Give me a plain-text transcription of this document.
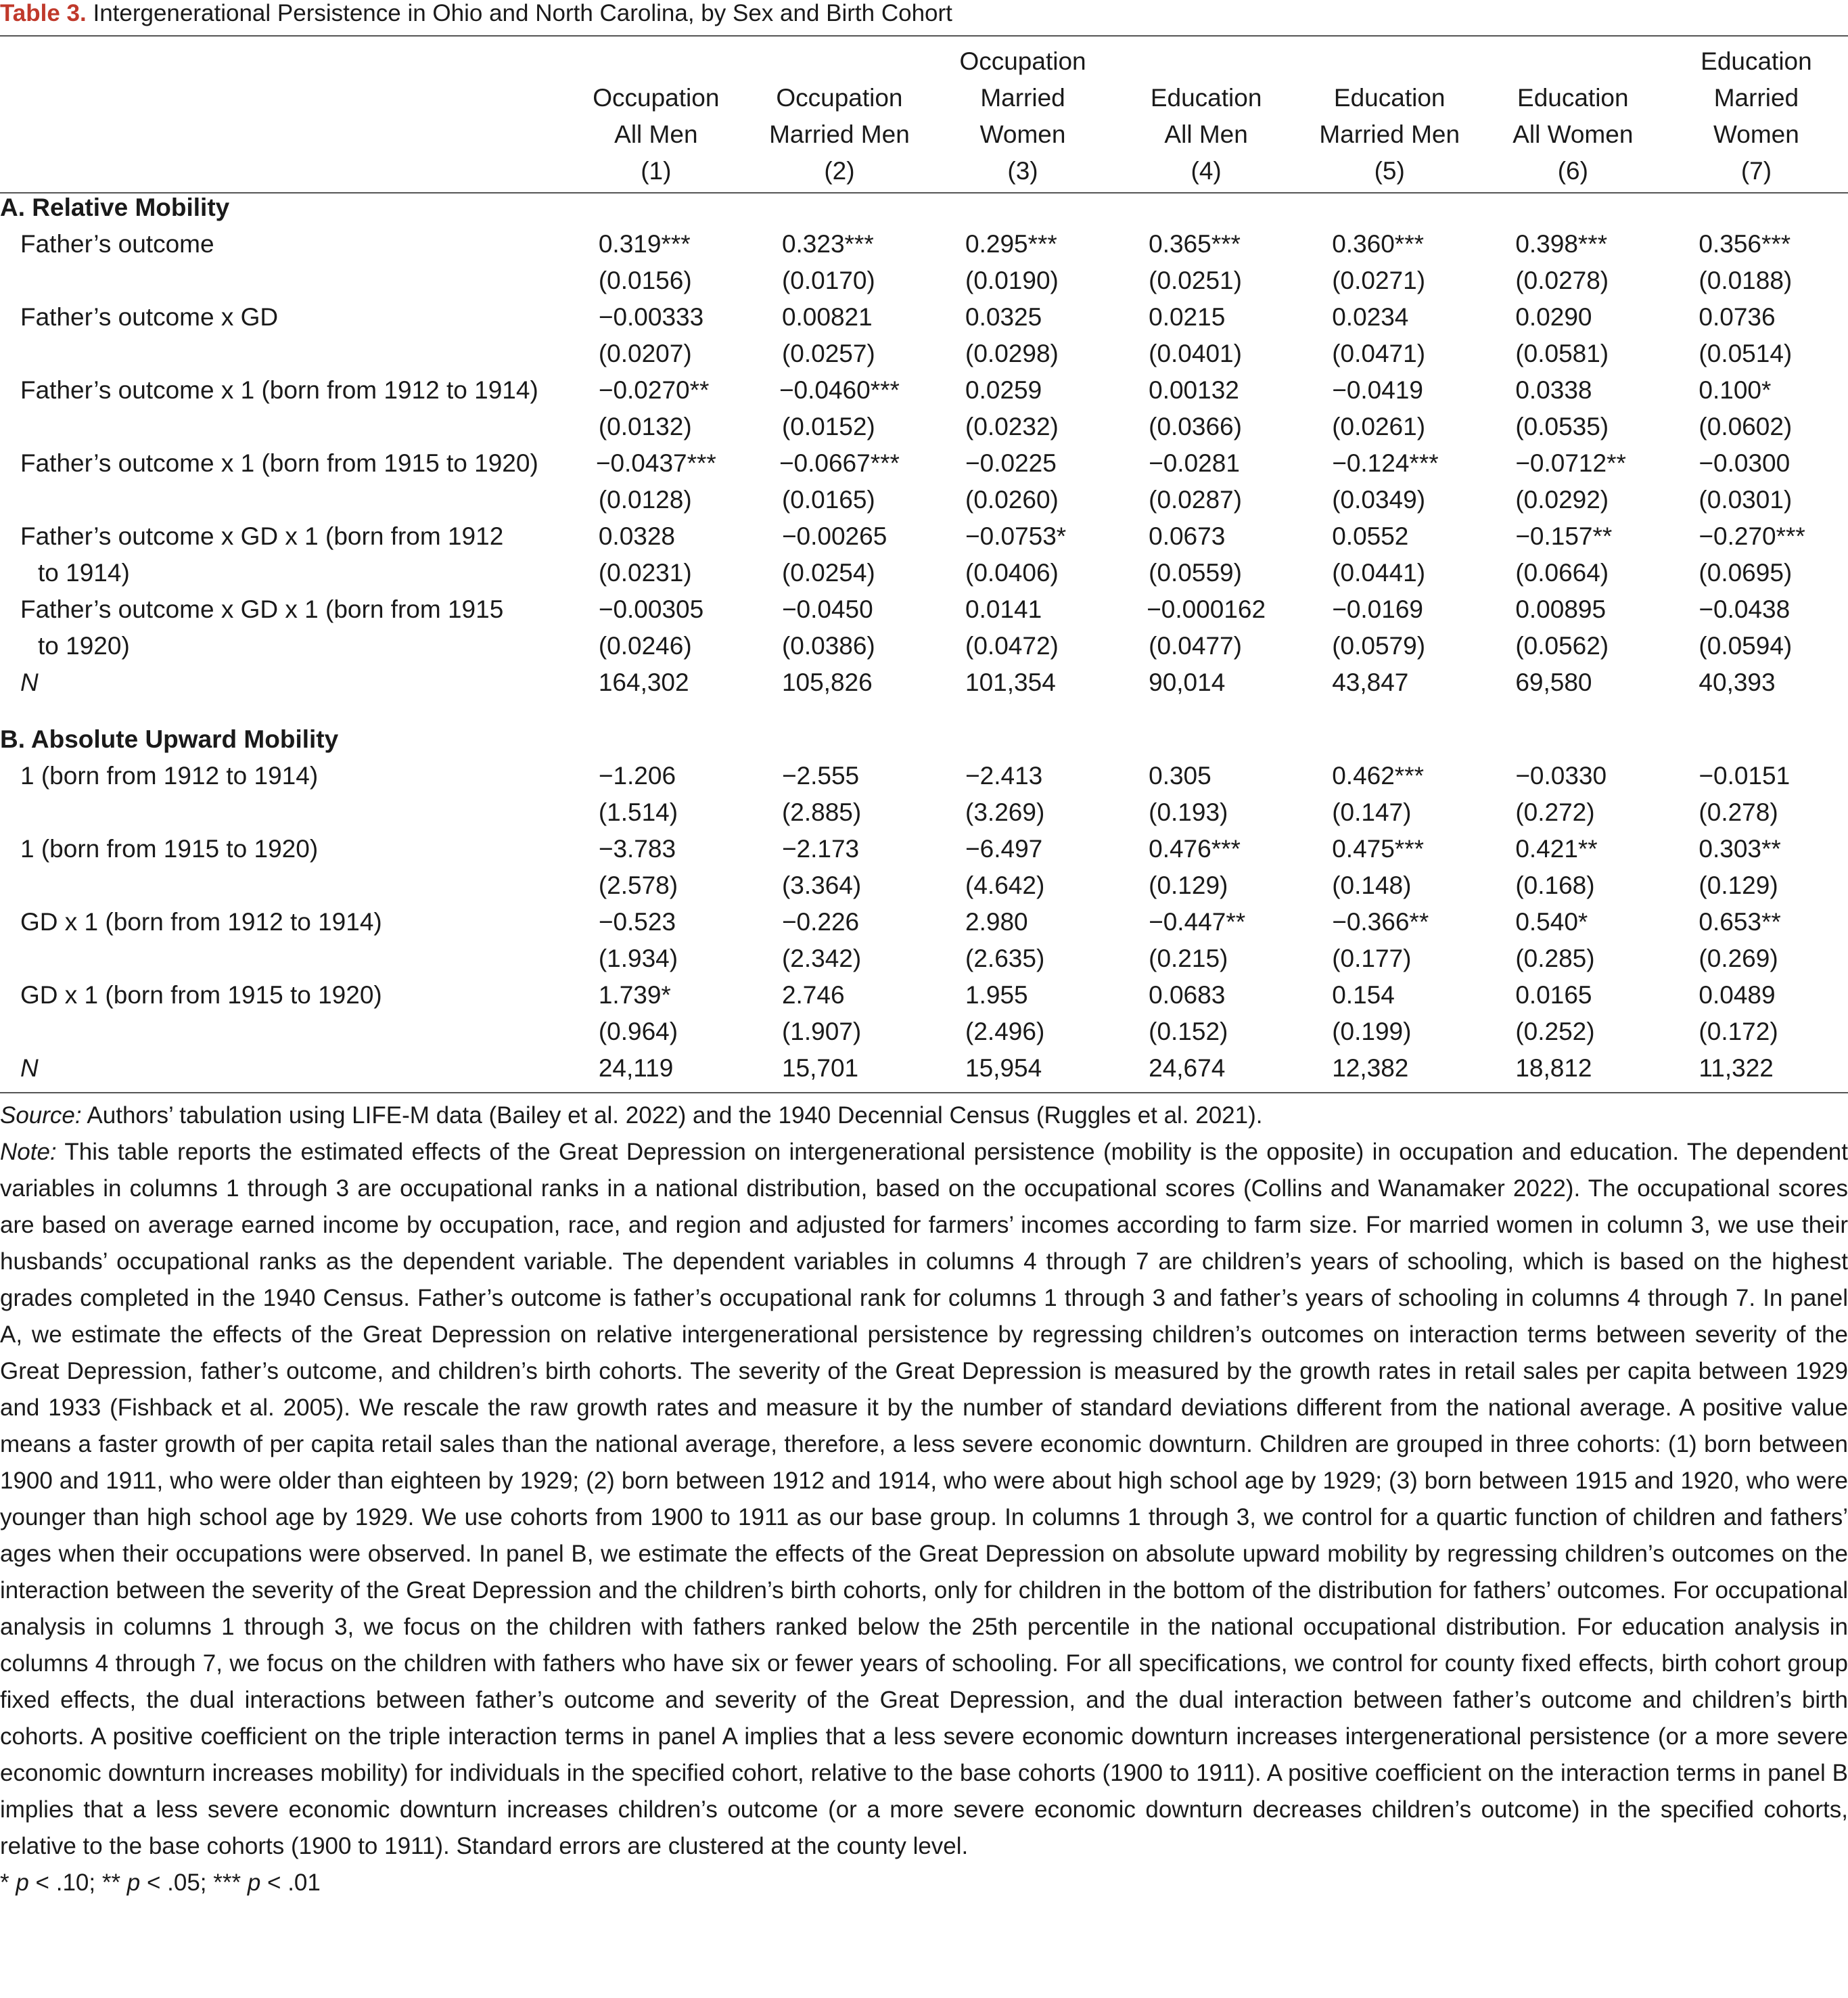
Table 3. Intergenerational Persistence in Ohio and North Carolina, by Sex and Birth Cohort
			Occupation				Education
	Occupation	Occupation	Married	Education	Education	Education	Married
	All Men	Married Men	Women	All Men	Married Men	All Women	Women
	(1)	(2)	(3)	(4)	(5)	(6)	(7)

A. Relative Mobility							
Father’s outcome	0.319***	0.323***	0.295***	0.365***	0.360***	0.398***	0.356***
	(0.0156)	(0.0170)	(0.0190)	(0.0251)	(0.0271)	(0.0278)	(0.0188)
Father’s outcome x GD	−0.00333	0.00821	0.0325	0.0215	0.0234	0.0290	0.0736
	(0.0207)	(0.0257)	(0.0298)	(0.0401)	(0.0471)	(0.0581)	(0.0514)
Father’s outcome x 1 (born from 1912 to 1914)	−0.0270**	−0.0460***	0.0259	0.00132	−0.0419	0.0338	0.100*
	(0.0132)	(0.0152)	(0.0232)	(0.0366)	(0.0261)	(0.0535)	(0.0602)
Father’s outcome x 1 (born from 1915 to 1920)	−0.0437***	−0.0667***	−0.0225	−0.0281	−0.124***	−0.0712**	−0.0300
	(0.0128)	(0.0165)	(0.0260)	(0.0287)	(0.0349)	(0.0292)	(0.0301)
Father’s outcome x GD x 1 (born from 1912	0.0328	−0.00265	−0.0753*	0.0673	0.0552	−0.157**	−0.270***
to 1914)	(0.0231)	(0.0254)	(0.0406)	(0.0559)	(0.0441)	(0.0664)	(0.0695)
Father’s outcome x GD x 1 (born from 1915	−0.00305	−0.0450	0.0141	−0.000162	−0.0169	0.00895	−0.0438
to 1920)	(0.0246)	(0.0386)	(0.0472)	(0.0477)	(0.0579)	(0.0562)	(0.0594)
N	164,302	105,826	101,354	90,014	43,847	69,580	40,393

B. Absolute Upward Mobility							
1 (born from 1912 to 1914)	−1.206	−2.555	−2.413	0.305	0.462***	−0.0330	−0.0151
	(1.514)	(2.885)	(3.269)	(0.193)	(0.147)	(0.272)	(0.278)
1 (born from 1915 to 1920)	−3.783	−2.173	−6.497	0.476***	0.475***	0.421**	0.303**
	(2.578)	(3.364)	(4.642)	(0.129)	(0.148)	(0.168)	(0.129)
GD x 1 (born from 1912 to 1914)	−0.523	−0.226	2.980	−0.447**	−0.366**	0.540*	0.653**
	(1.934)	(2.342)	(2.635)	(0.215)	(0.177)	(0.285)	(0.269)
GD x 1 (born from 1915 to 1920)	1.739*	2.746	1.955	0.0683	0.154	0.0165	0.0489
	(0.964)	(1.907)	(2.496)	(0.152)	(0.199)	(0.252)	(0.172)
N	24,119	15,701	15,954	24,674	12,382	18,812	11,322

Source: Authors’ tabulation using LIFE-M data (Bailey et al. 2022) and the 1940 Decennial Census (Ruggles et al. 2021).

Note: This table reports the estimated effects of the Great Depression on intergenerational persistence (mobility is the opposite) in occupation and education. The dependent variables in columns 1 through 3 are occupational ranks in a national distribution, based on the occupational scores (Collins and Wanamaker 2022). The occupational scores are based on average earned income by occupation, race, and region and adjusted for farmers’ incomes according to farm size. For married women in column 3, we use their husbands’ occupational ranks as the dependent variable. The dependent variables in columns 4 through 7 are children’s years of schooling, which is based on the highest grades completed in the 1940 Census. Father’s outcome is father’s occupational rank for columns 1 through 3 and father’s years of schooling in columns 4 through 7. In panel A, we estimate the effects of the Great Depression on relative intergenerational persistence by regressing children’s outcomes on interaction terms between severity of the Great Depression, father’s outcome, and children’s birth cohorts. The severity of the Great Depression is measured by the growth rates in retail sales per capita between 1929 and 1933 (Fishback et al. 2005). We rescale the raw growth rates and measure it by the number of standard deviations different from the national average. A positive value means a faster growth of per capita retail sales than the national average, therefore, a less severe economic downturn. Children are grouped in three cohorts: (1) born between 1900 and 1911, who were older than eighteen by 1929; (2) born between 1912 and 1914, who were about high school age by 1929; (3) born between 1915 and 1920, who were younger than high school age by 1929. We use cohorts from 1900 to 1911 as our base group. In columns 1 through 3, we control for a quartic function of children and fathers’ ages when their occupations were observed. In panel B, we estimate the effects of the Great Depression on absolute upward mobility by regressing children’s outcomes on the interaction between the severity of the Great Depression and the children’s birth cohorts, only for children in the bottom of the distribution for fathers’ outcomes. For occupational analysis in columns 1 through 3, we focus on the children with fathers ranked below the 25th percentile in the national occupational distribution. For education analysis in columns 4 through 7, we focus on the children with fathers who have six or fewer years of schooling. For all specifications, we control for county fixed effects, birth cohort group fixed effects, the dual interactions between father’s outcome and severity of the Great Depression, and the dual interaction between father’s outcome and children’s birth cohorts. A positive coefficient on the triple interaction terms in panel A implies that a less severe economic downturn increases intergenerational persistence (or a more severe economic downturn increases mobility) for individuals in the specified cohort, relative to the base cohorts (1900 to 1911). A positive coefficient on the interaction terms in panel B implies that a less severe economic downturn increases children’s outcome (or a more severe economic downturn decreases children’s outcome) in the specified cohorts, relative to the base cohorts (1900 to 1911). Standard errors are clustered at the county level.

* p < .10; ** p < .05; *** p < .01
